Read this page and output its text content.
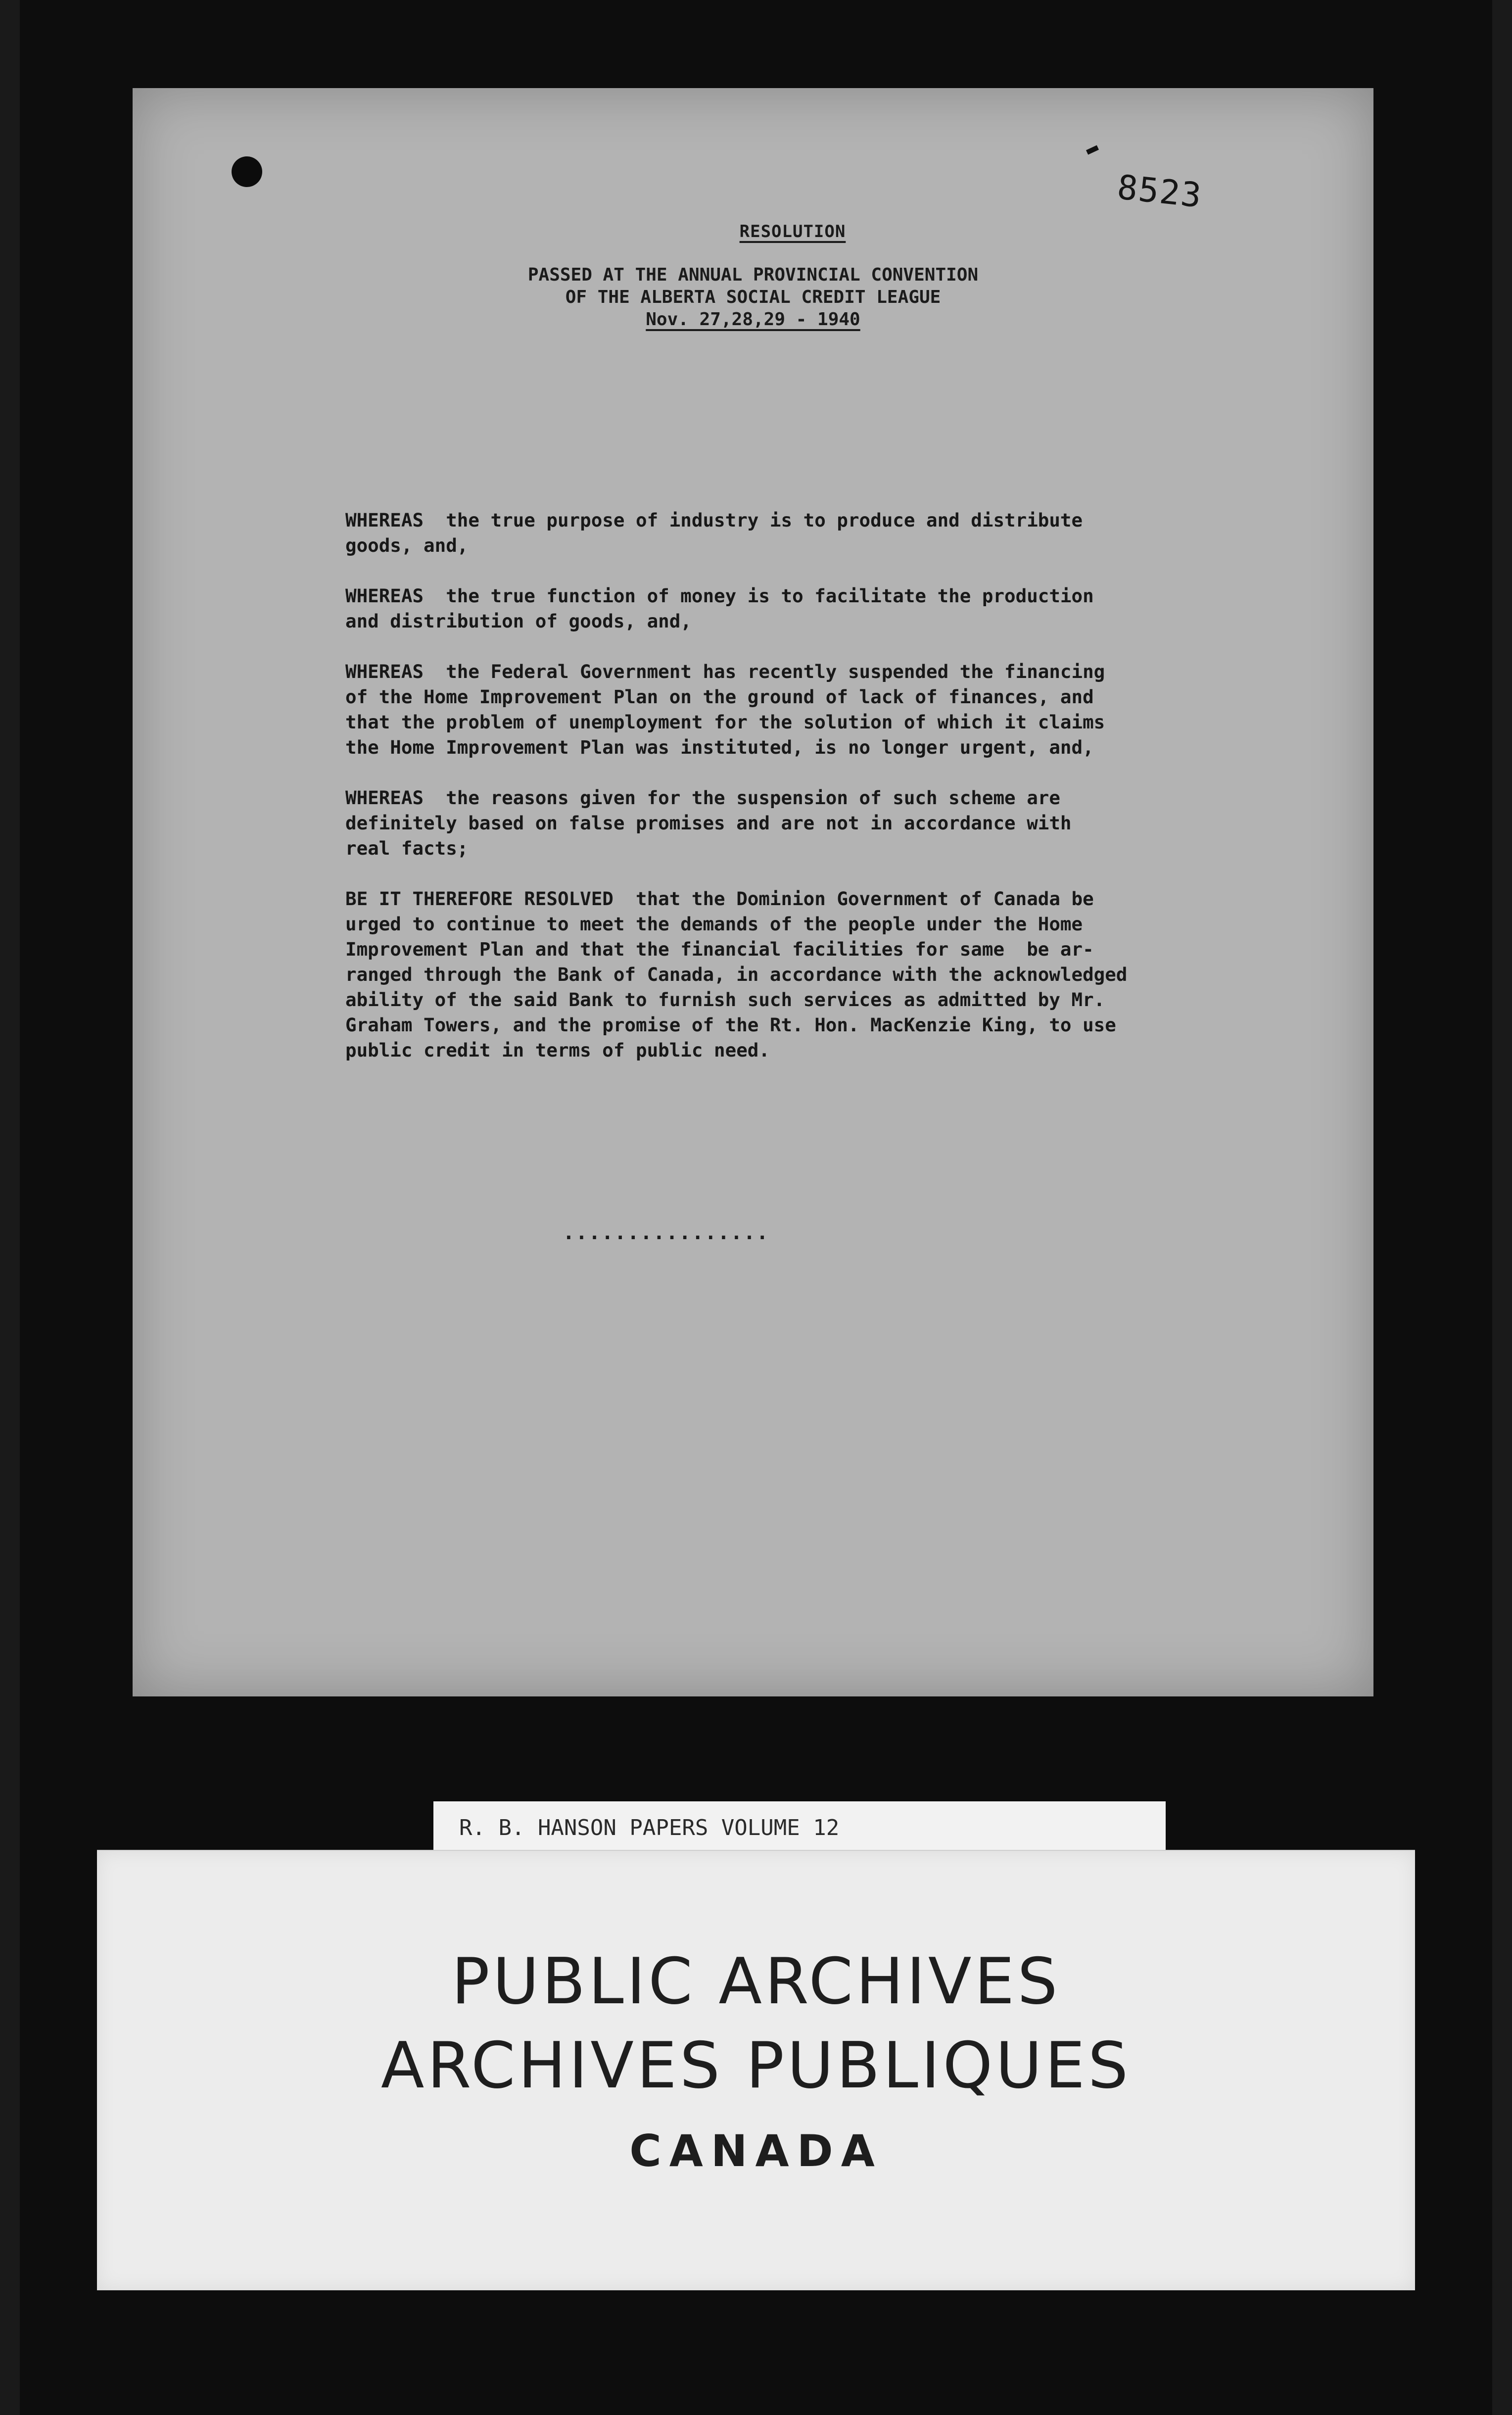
8523
RESOLUTION
PASSED AT THE ANNUAL PROVINCIAL CONVENTION
OF THE ALBERTA SOCIAL CREDIT LEAGUE
Nov. 27,28,29 - 1940
WHEREAS  the true purpose of industry is to produce and distribute
goods, and,
WHEREAS  the true function of money is to facilitate the production
and distribution of goods, and,
WHEREAS  the Federal Government has recently suspended the financing
of the Home Improvement Plan on the ground of lack of finances, and
that the problem of unemployment for the solution of which it claims
the Home Improvement Plan was instituted, is no longer urgent, and,
WHEREAS  the reasons given for the suspension of such scheme are
definitely based on false promises and are not in accordance with
real facts;
BE IT THEREFORE RESOLVED  that the Dominion Government of Canada be
urged to continue to meet the demands of the people under the Home
Improvement Plan and that the financial facilities for same  be ar-
ranged through the Bank of Canada, in accordance with the acknowledged
ability of the said Bank to furnish such services as admitted by Mr.
Graham Towers, and the promise of the Rt. Hon. MacKenzie King, to use
public credit in terms of public need.
................
R. B. HANSON PAPERS VOLUME 12
PUBLIC ARCHIVES
ARCHIVES PUBLIQUES
CANADA
